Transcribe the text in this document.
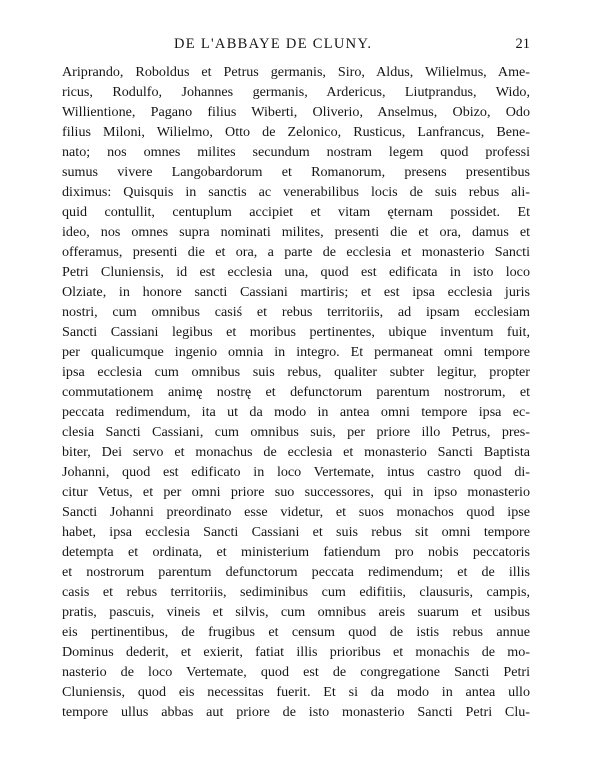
DE L'ABBAYE DE CLUNY.	21
Ariprando, Roboldus et Petrus germanis, Siro, Aldus, Wilielmus, Ame-
ricus, Rodulfo, Johannes germanis, Ardericus, Liutprandus, Wido,
Willientione, Pagano filius Wiberti, Oliverio, Anselmus, Obizo, Odo
filius Miloni, Wilielmo, Otto de Zelonico, Rusticus, Lanfrancus, Bene-
nato; nos omnes milites secundum nostram legem quod professi
sumus vivere Langobardorum et Romanorum, presens presentibus
diximus: Quisquis in sanctis ac venerabilibus locis de suis rebus ali-
quid contullit, centuplum accipiet et vitam ęternam possidet. Et
ideo, nos omnes supra nominati milites, presenti die et ora, damus et
offeramus, presenti die et ora, a parte de ecclesia et monasterio Sancti
Petri Cluniensis, id est ecclesia una, quod est edificata in isto loco
Olziate, in honore sancti Cassiani martiris; et est ipsa ecclesia juris
nostri, cum omnibus casiś et rebus territoriis, ad ipsam ecclesiam
Sancti Cassiani legibus et moribus pertinentes, ubique inventum fuit,
per qualicumque ingenio omnia in integro. Et permaneat omni tempore
ipsa ecclesia cum omnibus suis rebus, qualiter subter legitur, propter
commutationem animę nostrę et defunctorum parentum nostrorum, et
peccata redimendum, ita ut da modo in antea omni tempore ipsa ec-
clesia Sancti Cassiani, cum omnibus suis, per priore illo Petrus, pres-
biter, Dei servo et monachus de ecclesia et monasterio Sancti Baptista
Johanni, quod est edificato in loco Vertemate, intus castro quod di-
citur Vetus, et per omni priore suo successores, qui in ipso monasterio
Sancti Johanni preordinato esse videtur, et suos monachos quod ipse
habet, ipsa ecclesia Sancti Cassiani et suis rebus sit omni tempore
detempta et ordinata, et ministerium fatiendum pro nobis peccatoris
et nostrorum parentum defunctorum peccata redimendum; et de illis
casis et rebus territoriis, sediminibus cum edifitiis, clausuris, campis,
pratis, pascuis, vineis et silvis, cum omnibus areis suarum et usibus
eis pertinentibus, de frugibus et censum quod de istis rebus annue
Dominus dederit, et exierit, fatiat illis prioribus et monachis de mo-
nasterio de loco Vertemate, quod est de congregatione Sancti Petri
Cluniensis, quod eis necessitas fuerit. Et si da modo in antea ullo
tempore ullus abbas aut priore de isto monasterio Sancti Petri Clu-
